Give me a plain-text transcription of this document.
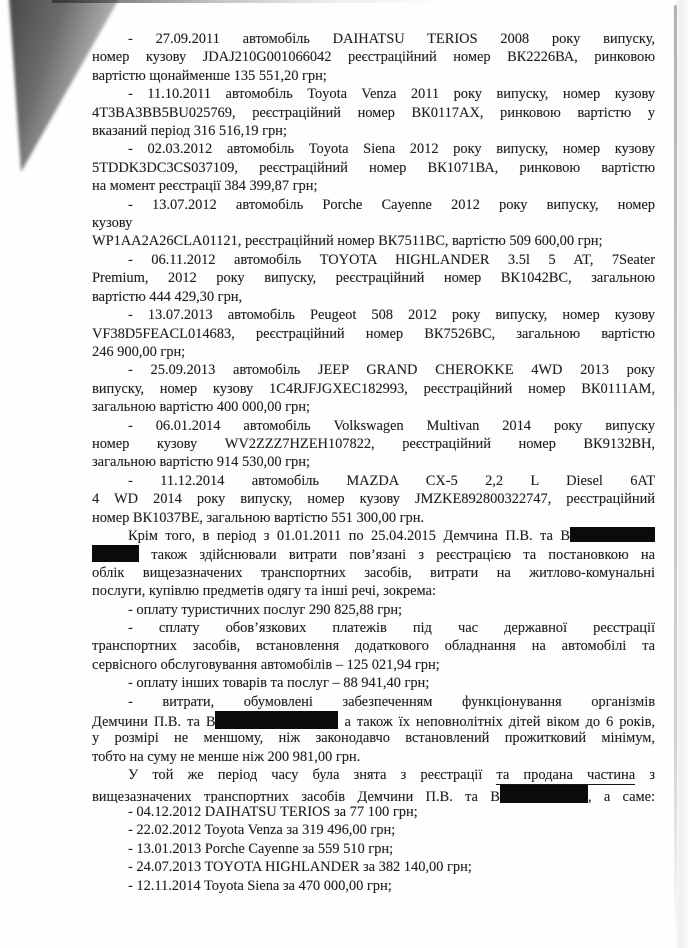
- 27.09.2011 автомобіль DAIHATSU TERIOS 2008 року випуску,
номер кузову JDAJ210G001066042 реєстраційний номер ВК2226ВА, ринковою
вартістю щонайменше 135 551,20 грн;
- 11.10.2011 автомобіль Toyota Venza 2011 року випуску, номер кузову
4T3BA3BB5BU025769, реєстраційний номер ВК0117АХ, ринковою вартістю у
вказаний період 316 516,19 грн;
- 02.03.2012 автомобіль Toyota Siena 2012 року випуску, номер кузову
5TDDK3DC3CS037109, реєстраційний номер ВК1071ВА, ринковою вартістю
на момент реєстрації 384 399,87 грн;
- 13.07.2012 автомобіль Porche Cayenne 2012 року випуску, номер
кузову
WP1AA2A26CLA01121, реєстраційний номер ВК7511ВС, вартістю 509 600,00 грн;
- 06.11.2012 автомобіль TOYOTA HIGHLANDER 3.5l 5 AT, 7Seater
Premium, 2012 року випуску, реєстраційний номер ВК1042ВС, загальною
вартістю 444 429,30 грн,
- 13.07.2013 автомобіль Peugeot 508 2012 року випуску, номер кузову
VF38D5FEACL014683, реєстраційний номер ВК7526ВС, загальною вартістю
246 900,00 грн;
- 25.09.2013 автомобіль JEEP GRAND CHEROKKE 4WD 2013 року
випуску, номер кузову 1C4RJFJGXEC182993, реєстраційний номер ВК0111АМ,
загальною вартістю 400 000,00 грн;
- 06.01.2014 автомобіль Volkswagen Multivan 2014 року випуску
номер кузову WV2ZZZ7HZEH107822, реєстраційний номер ВК9132ВН,
загальною вартістю 914 530,00 грн;
- 11.12.2014 автомобіль MAZDA CX-5 2,2 L Diesel 6AT
4 WD 2014 року випуску, номер кузову JMZKE892800322747, реєстраційний
номер ВК1037ВЕ, загальною вартістю 551 300,00 грн.
Крім того, в період з 01.01.2011 по 25.04.2015 Демчина П.В. та В
також здійснювали витрати пов’язані з реєстрацією та постановкою на
облік вищезазначених транспортних засобів, витрати на житлово-комунальні
послуги, купівлю предметів одягу та інші речі, зокрема:
- оплату туристичних послуг 290 825,88 грн;
- сплату обов’язкових платежів під час державної реєстрації
транспортних засобів, встановлення додаткового обладнання на автомобілі та
сервісного обслуговування автомобілів – 125 021,94 грн;
- оплату інших товарів та послуг – 88 941,40 грн;
- витрати, обумовлені забезпеченням функціонування організмів
Демчини П.В. та В	а також їх неповнолітніх дітей віком до 6 років,
у розмірі не меншому, ніж законодавчо встановлений прожитковий мінімум,
тобто на суму не менше ніж 200 981,00 грн.
У той же період часу була знята з реєстрації та продана частина з
вищезазначених транспортних засобів Демчини П.В. та В	, а саме:
- 04.12.2012 DAIHATSU TERIOS за 77 100 грн;
- 22.02.2012 Toyota Venza за 319 496,00 грн;
- 13.01.2013 Porche Cayenne за 559 510 грн;
- 24.07.2013 TOYOTA HIGHLANDER за 382 140,00 грн;
- 12.11.2014 Toyota Siena за 470 000,00 грн;
